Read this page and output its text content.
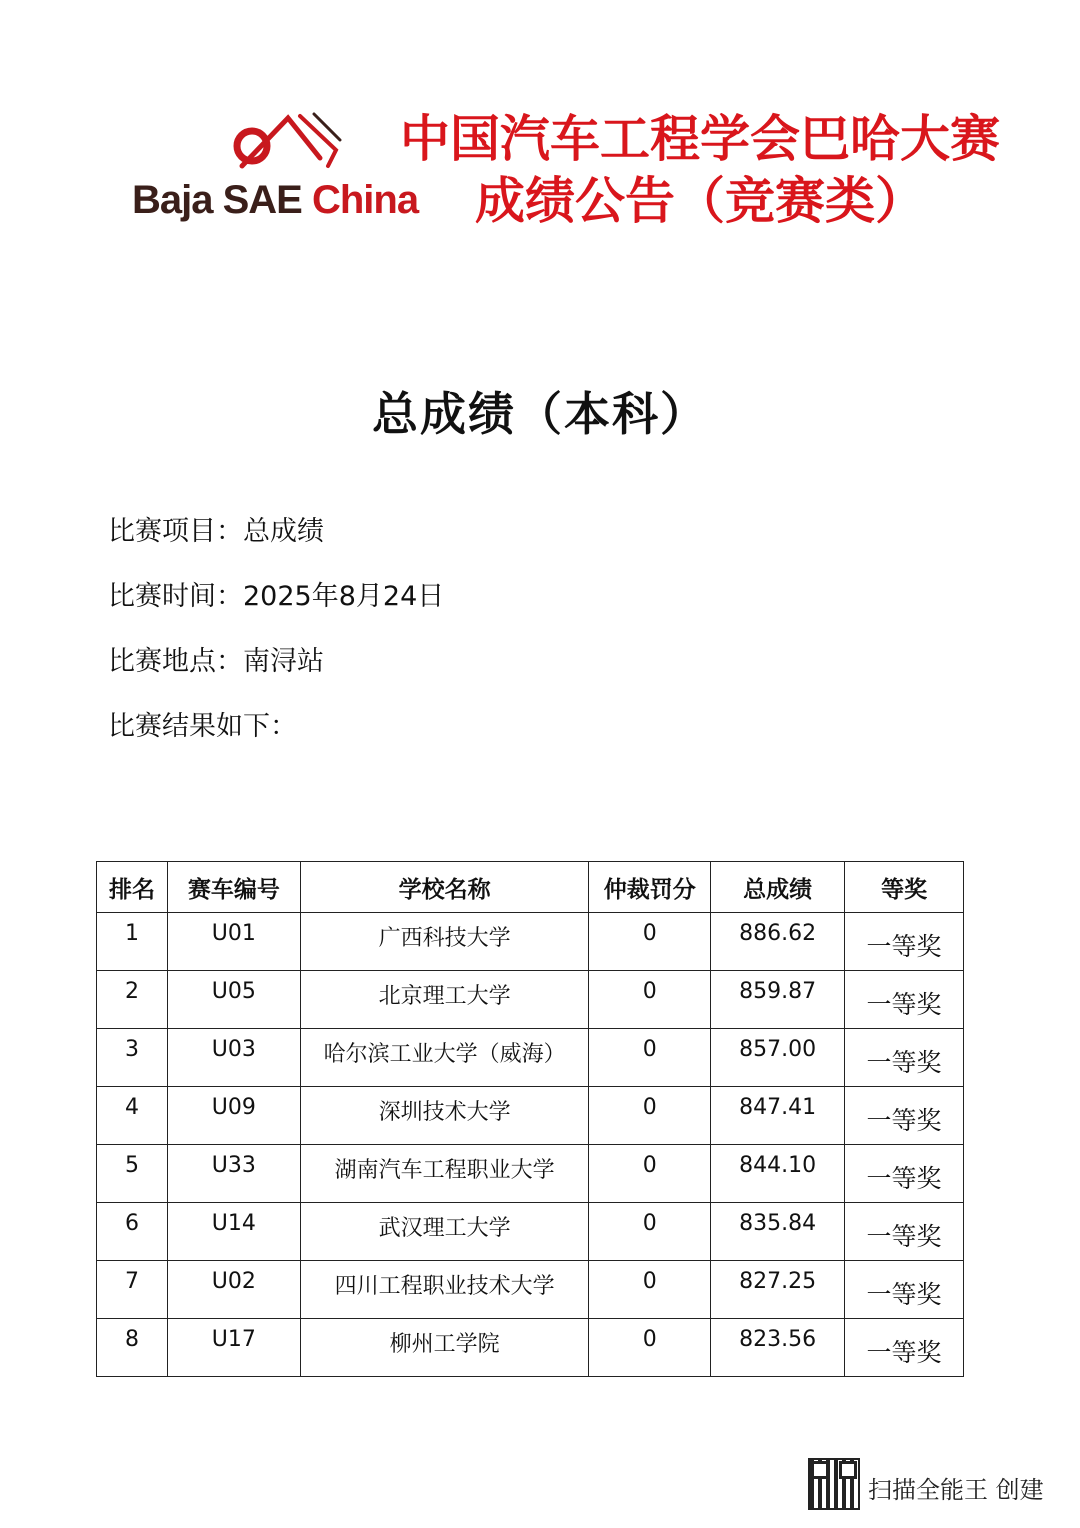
Baja SAE China
中国汽车工程学会巴哈大赛
成绩公告（竞赛类）
总成绩（本科）
比赛项目：总成绩
比赛时间：2025年8月24日
比赛地点：南浔站
比赛结果如下：
排名	赛车编号	学校名称	仲裁罚分	总成绩	等奖
1	U01	广西科技大学	0	886.62	一等奖
2	U05	北京理工大学	0	859.87	一等奖
3	U03	哈尔滨工业大学（威海）	0	857.00	一等奖
4	U09	深圳技术大学	0	847.41	一等奖
5	U33	湖南汽车工程职业大学	0	844.10	一等奖
6	U14	武汉理工大学	0	835.84	一等奖
7	U02	四川工程职业技术大学	0	827.25	一等奖
8	U17	柳州工学院	0	823.56	一等奖
扫描全能王 创建
